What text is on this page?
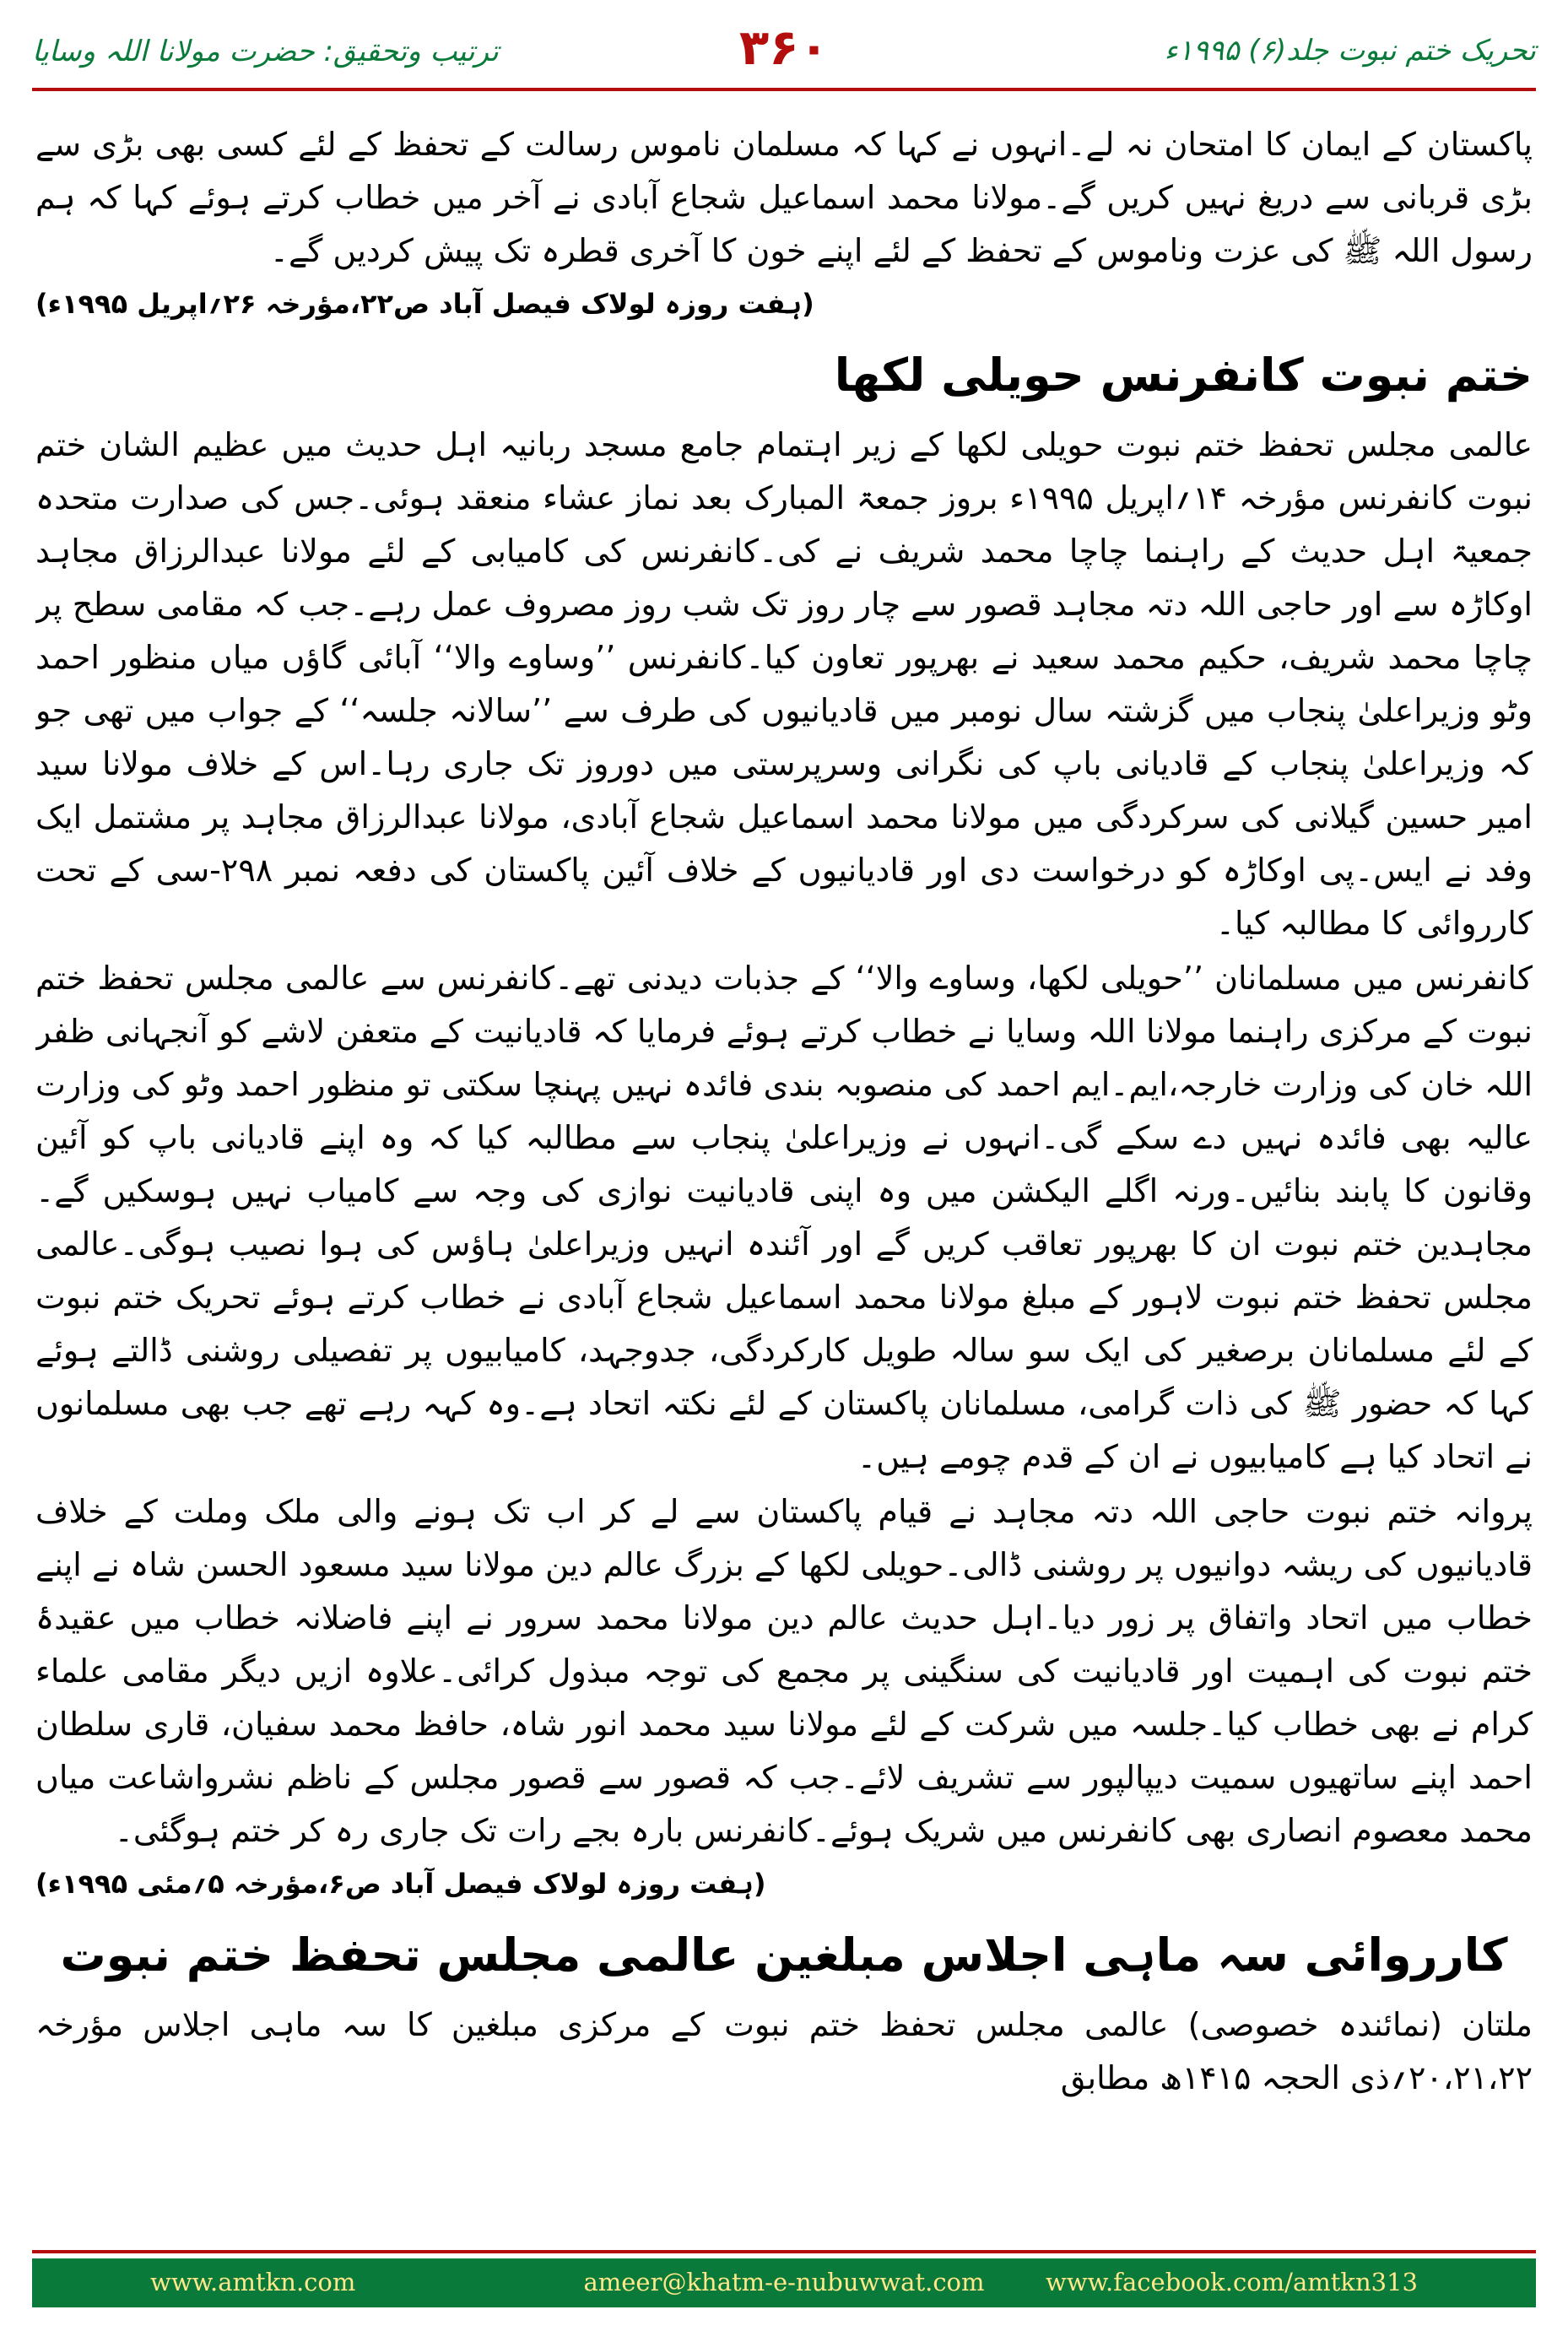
تحریک ختم نبوت جلد(۶) ۱۹۹۵ء
۳۶۰
ترتیب وتحقیق: حضرت مولانا اللہ وسایا

پاکستان کے ایمان کا امتحان نہ لے۔انہوں نے کہا کہ مسلمان ناموس رسالت کے تحفظ کے لئے کسی بھی بڑی سے بڑی قربانی سے دریغ نہیں کریں گے۔مولانا محمد اسماعیل شجاع آبادی نے آخر میں خطاب کرتے ہوئے کہا کہ ہم رسول اللہ ﷺ کی عزت وناموس کے تحفظ کے لئے اپنے خون کا آخری قطرہ تک پیش کردیں گے۔
(ہفت روزہ لولاک فیصل آباد ص۲۲،مؤرخہ ۲۶؍اپریل ۱۹۹۵ء)

ختم نبوت کانفرنس حویلی لکھا

عالمی مجلس تحفظ ختم نبوت حویلی لکھا کے زیر اہتمام جامع مسجد ربانیہ اہل حدیث میں عظیم الشان ختم نبوت کانفرنس مؤرخہ ۱۴؍اپریل ۱۹۹۵ء بروز جمعۃ المبارک بعد نماز عشاء منعقد ہوئی۔جس کی صدارت متحدہ جمعیۃ اہل حدیث کے راہنما چاچا محمد شریف نے کی۔کانفرنس کی کامیابی کے لئے مولانا عبدالرزاق مجاہد اوکاڑہ سے اور حاجی اللہ دتہ مجاہد قصور سے چار روز تک شب روز مصروف عمل رہے۔جب کہ مقامی سطح پر چاچا محمد شریف، حکیم محمد سعید نے بھرپور تعاون کیا۔کانفرنس ’’وساوے والا‘‘ آبائی گاؤں میاں منظور احمد وٹو وزیراعلیٰ پنجاب میں گزشتہ سال نومبر میں قادیانیوں کی طرف سے ’’سالانہ جلسہ‘‘ کے جواب میں تھی جو کہ وزیراعلیٰ پنجاب کے قادیانی باپ کی نگرانی وسرپرستی میں دوروز تک جاری رہا۔اس کے خلاف مولانا سید امیر حسین گیلانی کی سرکردگی میں مولانا محمد اسماعیل شجاع آبادی، مولانا عبدالرزاق مجاہد پر مشتمل ایک وفد نے ایس۔پی اوکاڑہ کو درخواست دی اور قادیانیوں کے خلاف آئین پاکستان کی دفعہ نمبر ۲۹۸-سی کے تحت کارروائی کا مطالبہ کیا۔

کانفرنس میں مسلمانان ’’حویلی لکھا، وساوے والا‘‘ کے جذبات دیدنی تھے۔کانفرنس سے عالمی مجلس تحفظ ختم نبوت کے مرکزی راہنما مولانا اللہ وسایا نے خطاب کرتے ہوئے فرمایا کہ قادیانیت کے متعفن لاشے کو آنجہانی ظفر اللہ خان کی وزارت خارجہ،ایم۔ایم احمد کی منصوبہ بندی فائدہ نہیں پہنچا سکتی تو منظور احمد وٹو کی وزارت عالیہ بھی فائدہ نہیں دے سکے گی۔انہوں نے وزیراعلیٰ پنجاب سے مطالبہ کیا کہ وہ اپنے قادیانی باپ کو آئین وقانون کا پابند بنائیں۔ورنہ اگلے الیکشن میں وہ اپنی قادیانیت نوازی کی وجہ سے کامیاب نہیں ہوسکیں گے۔مجاہدین ختم نبوت ان کا بھرپور تعاقب کریں گے اور آئندہ انہیں وزیراعلیٰ ہاؤس کی ہوا نصیب ہوگی۔عالمی مجلس تحفظ ختم نبوت لاہور کے مبلغ مولانا محمد اسماعیل شجاع آبادی نے خطاب کرتے ہوئے تحریک ختم نبوت کے لئے مسلمانان برصغیر کی ایک سو سالہ طویل کارکردگی، جدوجہد، کامیابیوں پر تفصیلی روشنی ڈالتے ہوئے کہا کہ حضور ﷺ کی ذات گرامی، مسلمانان پاکستان کے لئے نکتہ اتحاد ہے۔وہ کہہ رہے تھے جب بھی مسلمانوں نے اتحاد کیا ہے کامیابیوں نے ان کے قدم چومے ہیں۔

پروانہ ختم نبوت حاجی اللہ دتہ مجاہد نے قیام پاکستان سے لے کر اب تک ہونے والی ملک وملت کے خلاف قادیانیوں کی ریشہ دوانیوں پر روشنی ڈالی۔حویلی لکھا کے بزرگ عالم دین مولانا سید مسعود الحسن شاہ نے اپنے خطاب میں اتحاد واتفاق پر زور دیا۔اہل حدیث عالم دین مولانا محمد سرور نے اپنے فاضلانہ خطاب میں عقیدۂ ختم نبوت کی اہمیت اور قادیانیت کی سنگینی پر مجمع کی توجہ مبذول کرائی۔علاوہ ازیں دیگر مقامی علماء کرام نے بھی خطاب کیا۔جلسہ میں شرکت کے لئے مولانا سید محمد انور شاہ، حافظ محمد سفیان، قاری سلطان احمد اپنے ساتھیوں سمیت دیپالپور سے تشریف لائے۔جب کہ قصور سے قصور مجلس کے ناظم نشرواشاعت میاں محمد معصوم انصاری بھی کانفرنس میں شریک ہوئے۔کانفرنس بارہ بجے رات تک جاری رہ کر ختم ہوگئی۔
(ہفت روزہ لولاک فیصل آباد ص۶،مؤرخہ ۵؍مئی ۱۹۹۵ء)

کارروائی سہ ماہی اجلاس مبلغین عالمی مجلس تحفظ ختم نبوت

ملتان (نمائندہ خصوصی) عالمی مجلس تحفظ ختم نبوت کے مرکزی مبلغین کا سہ ماہی اجلاس مؤرخہ ۲۰،۲۱،۲۲؍ذی الحجہ ۱۴۱۵ھ مطابق

www.amtkn.com	ameer@khatm-e-nubuwwat.com	www.facebook.com/amtkn313
